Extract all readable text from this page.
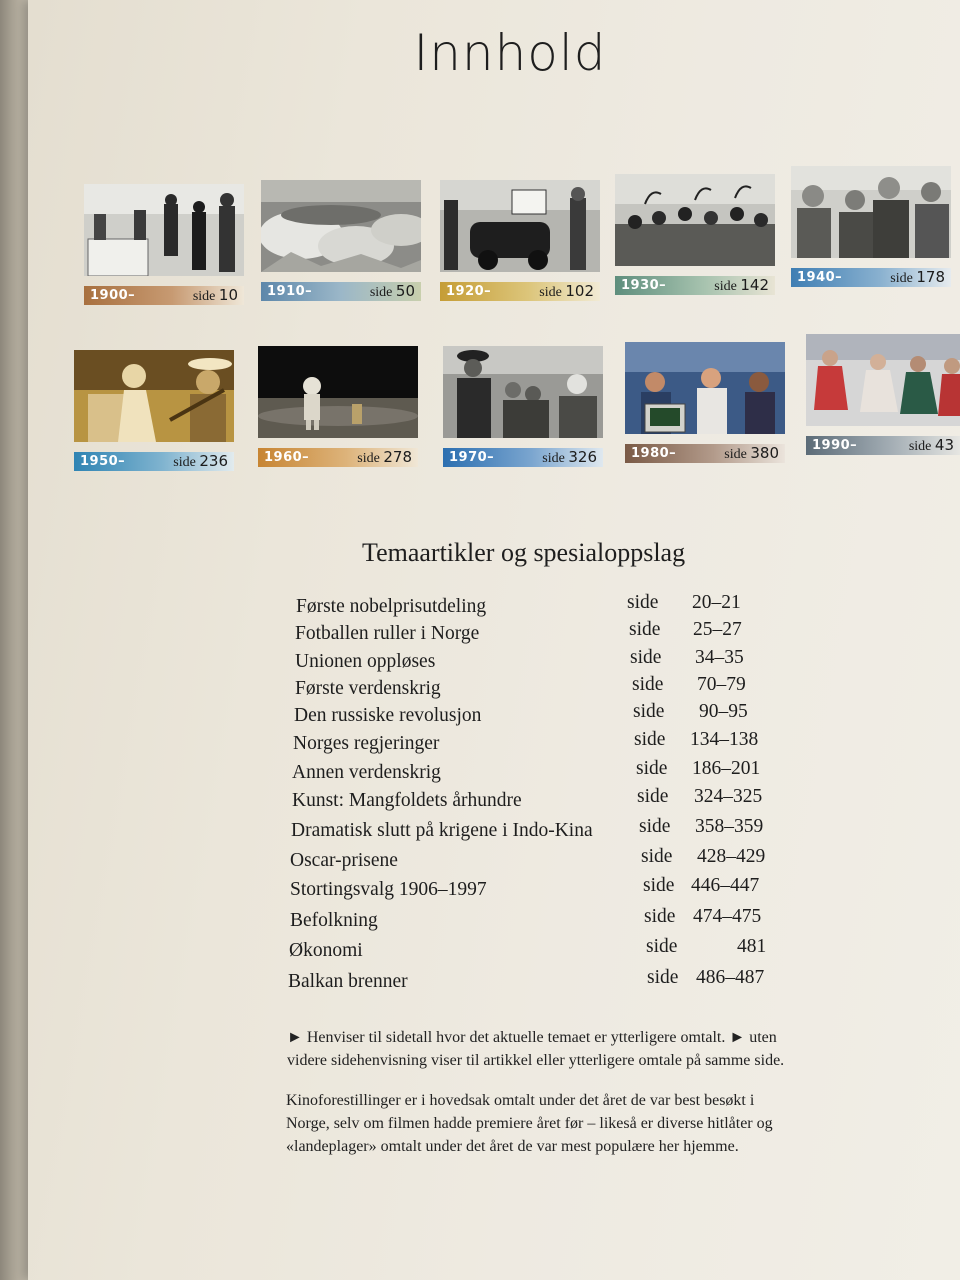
Innhold
1900–	side 10 1910–	side 50 1920–	side 102 1930–	side 142 1940–	side 178
1950–	side 236	1960–	side 278	1970–	side 326	1980–	side 380	1990–	side 43
Temaartikler og spesialoppslag
Første nobelprisutdeling	side 20–21
Fotballen ruller i Norge	side 25–27
Unionen oppløses	side 34–35
Første verdenskrig	side 70–79
Den russiske revolusjon	side 90–95
Norges regjeringer	side 134–138
Annen verdenskrig	side 186–201
Kunst: Mangfoldets århundre	side 324–325
Dramatisk slutt på krigene i Indo-Kina side 358–359
Oscar-prisene	side 428–429
Stortingsvalg 1906–1997	side 446–447
Befolkning	side 474–475
Økonomi	side	481
Balkan brenner	side 486–487
► Henviser til sidetall hvor det aktuelle temaet er ytterligere omtalt. ► uten
videre sidehenvisning viser til artikkel eller ytterligere omtale på samme side.
Kinoforestillinger er i hovedsak omtalt under det året de var best besøkt i
Norge, selv om filmen hadde premiere året før – likeså er diverse hitlåter og
«landeplager» omtalt under det året de var mest populære her hjemme.
